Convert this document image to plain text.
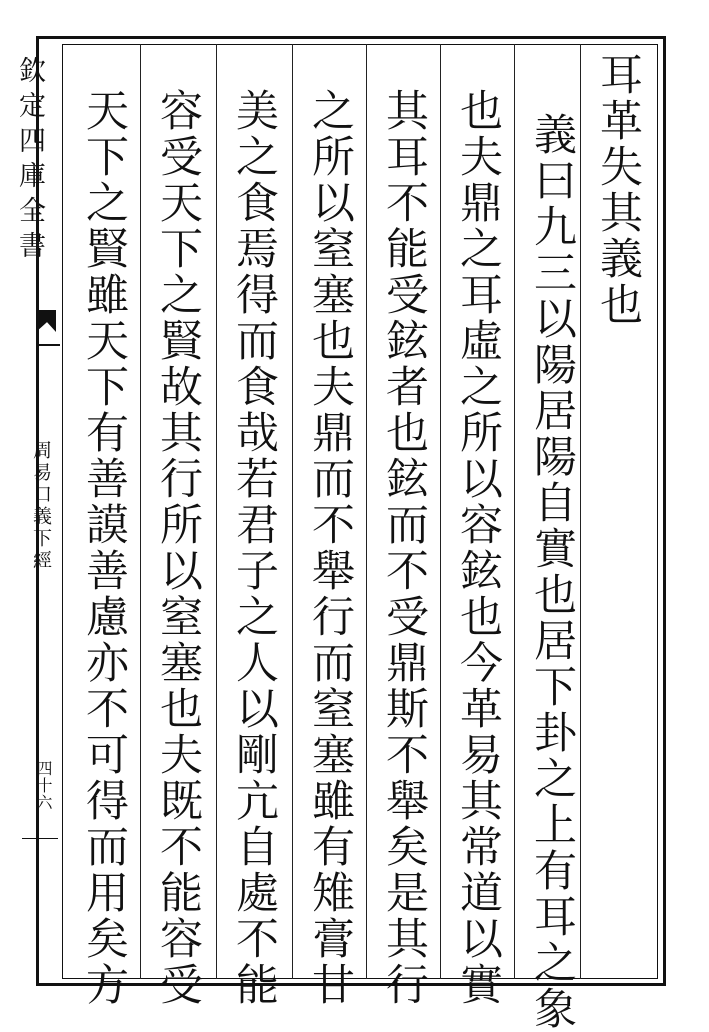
欽定四庫全書
周易口義下經
四十六
耳革失其義也
義曰九三以陽居陽自實也居下卦之上有耳之象
也夫鼎之耳虛之所以容鉉也今革易其常道以實
其耳不能受鉉者也鉉而不受鼎斯不舉矣是其行
之所以窒塞也夫鼎而不舉行而窒塞雖有雉膏甘
美之食焉得而食哉若君子之人以剛亢自處不能
容受天下之賢故其行所以窒塞也夫既不能容受
天下之賢雖天下有善謨善慮亦不可得而用矣方
